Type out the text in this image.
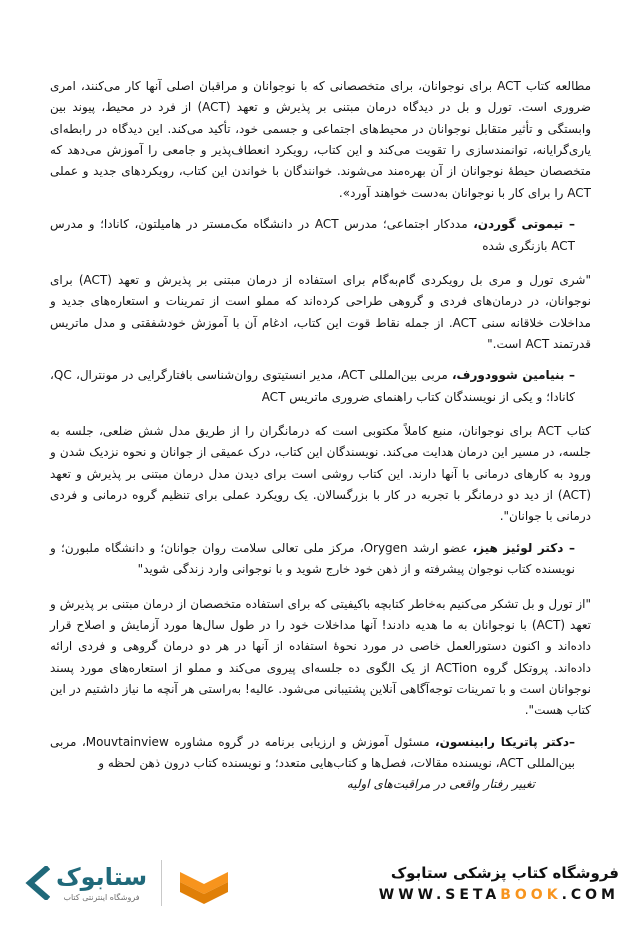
مطالعه کتاب ACT برای نوجوانان، برای متخصصانی که با نوجوانان و مراقبان اصلی آنها کار می‌کنند، امری ضروری است. تورل و بل در دیدگاه درمان مبتنی بر پذیرش و تعهد (ACT) از فرد در محیط، پیوند بین وابستگی و تأثیر متقابل نوجوانان در محیط‌های اجتماعی و جسمی خود، تأکید می‌کند. این دیدگاه در رابطه‌ای یاری‌گرایانه، توانمندسازی را تقویت می‌کند و این کتاب، رویکرد انعطاف‌پذیر و جامعی را آموزش می‌دهد که متخصصان حیطهٔ نوجوانان از آن بهره‌مند می‌شوند. خوانندگان با خواندن این کتاب، رویکردهای جدید و عملی ACT را برای کار با نوجوانان به‌دست خواهند آورد».

– تیموتی گوردن، مددکار اجتماعی؛ مدرس ACT در دانشگاه مک‌مستر در هامیلتون، کانادا؛ و مدرس ACT بازنگری شده

"شری تورل و مری بل رویکردی گام‌به‌گام برای استفاده از درمان مبتنی بر پذیرش و تعهد (ACT) برای نوجوانان، در درمان‌های فردی و گروهی طراحی کرده‌اند که مملو است از تمرینات و استعاره‌های جدید و مداخلات خلاقانه سنی ACT. از جمله نقاط قوت این کتاب، ادغام آن با آموزش خودشفقتی و مدل ماتریس قدرتمند ACT است."

– بنیامین شوودورف، مربی بین‌المللی ACT، مدیر انستیتوی روان‌شناسی بافتارگرایی در مونترال، QC، کانادا؛ و یکی از نویسندگان کتاب راهنمای ضروری ماتریس ACT

کتاب ACT برای نوجوانان، منبع کاملاً مکتوبی است که درمانگران را از طریق مدل شش ضلعی، جلسه به جلسه، در مسیر این درمان هدایت می‌کند. نویسندگان این کتاب، درک عمیقی از جوانان و نحوه نزدیک شدن و ورود به کارهای درمانی با آنها دارند. این کتاب روشی است برای دیدن مدل درمان مبتنی بر پذیرش و تعهد (ACT) از دید دو درمانگر با تجربه در کار با بزرگسالان. یک رویکرد عملی برای تنظیم گروه درمانی و فردی درمانی با جوانان".

– دکتر لوئیز هیز، عضو ارشد Orygen، مرکز ملی تعالی سلامت روان جوانان؛ و دانشگاه ملبورن؛ و نویسنده کتاب نوجوان پیشرفته و از ذهن خود خارج شوید و با نوجوانی وارد زندگی شوید"

"از تورل و بل تشکر می‌کنیم به‌خاطر کتابچه باکیفیتی که برای استفاده متخصصان از درمان مبتنی بر پذیرش و تعهد (ACT) با نوجوانان به ما هدیه دادند! آنها مداخلات خود را در طول سال‌ها مورد آزمایش و اصلاح قرار داده‌اند و اکنون دستورالعمل خاصی در مورد نحوهٔ استفاده از آنها در هر دو درمان گروهی و فردی ارائه داده‌اند. پروتکل گروه ACTion از یک الگوی ده جلسه‌ای پیروی می‌کند و مملو از استعاره‌های مورد پسند نوجوانان است و با تمرینات توجه‌آگاهی آنلاین پشتیبانی می‌شود. عالیه! به‌راستی هر آنچه ما نیاز داشتیم در این کتاب هست".

–دکتر پاتریکا رابینسون، مسئول آموزش و ارزیابی برنامه در گروه مشاوره Mouvtainview، مربی بین‌المللی ACT، نویسنده مقالات، فصل‌ها و کتاب‌هایی متعدد؛ و نویسنده کتاب درون ذهن لحظه و
تغییر رفتار واقعی در مراقبت‌های اولیه

ستابوک
فروشگاه اینترنتی کتاب
فروشگاه کتاب پزشکی ستابوک
WWW.SETABOOK.COM
